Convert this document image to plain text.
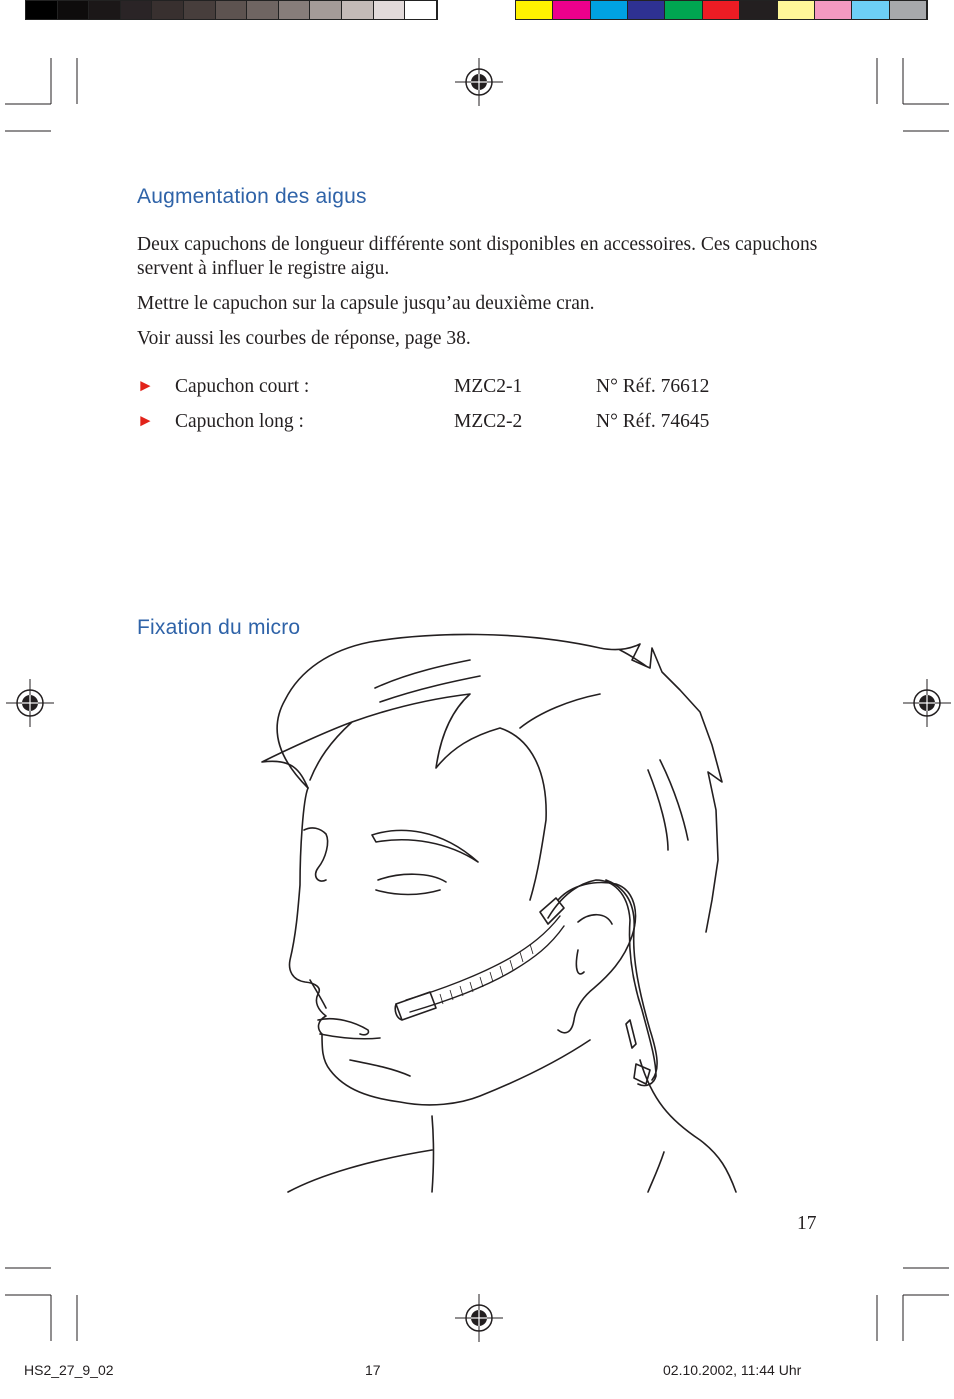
Augmentation des aigus
Deux capuchons de longueur différente sont disponibles en accessoires. Ces capuchons servent à influer le registre aigu.
Mettre le capuchon sur la capsule jusqu’au deuxième cran.
Voir aussi les courbes de réponse, page 38.
► Capuchon court :	MZC2-1	N° Réf. 76612
► Capuchon long :	MZC2-2	N° Réf. 74645
Fixation du micro
17
HS2_27_9_02	17	02.10.2002, 11:44 Uhr
